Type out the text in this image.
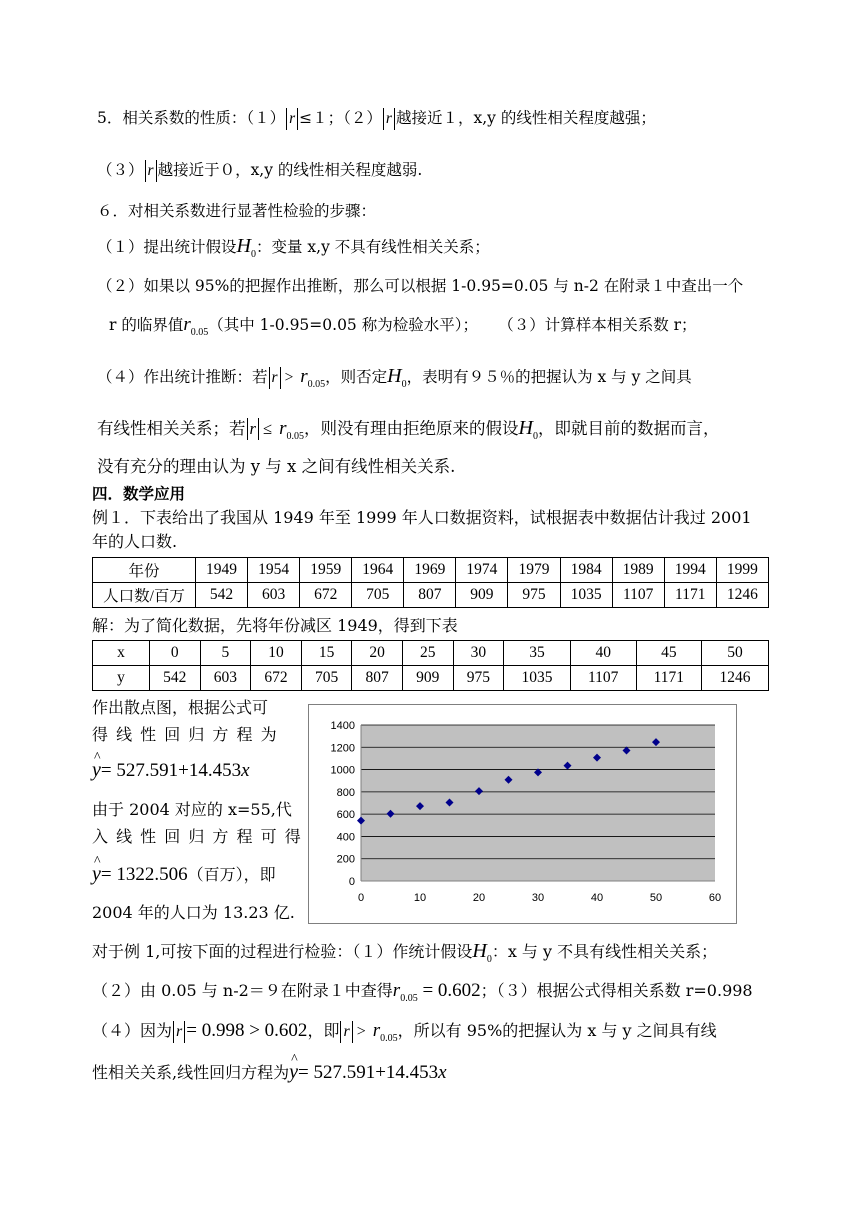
5．相关系数的性质：（１） r ≤１；（２） r 越接近１，x,y 的线性相关程度越强；
（３） r 越接近于０，x,y 的线性相关程度越弱.
６．对相关系数进行显著性检验的步骤：
（１）提出统计假设$H_0$：变量 x,y 不具有线性相关关系；
（２）如果以 95%的把握作出推断，那么可以根据 1-0.95=0.05 与 n-2 在附录１中查出一个
r 的临界值$r_{0.05}$（其中 1-0.95=0.05 称为检验水平）； （３）计算样本相关系数 r；
（４）作出统计推断：若 $r > r_{0.05}$，则否定$H_0$，表明有９５％的把握认为 x 与 y 之间具
有线性相关关系；若 $r \le r_{0.05}$，则没有理由拒绝原来的假设$H_0$，即就目前的数据而言，
没有充分的理由认为 y 与 x 之间有线性相关关系.
四．数学应用
例１．下表给出了我国从 1949 年至 1999 年人口数据资料，试根据表中数据估计我过 2001
年的人口数.
年份	1949	1954	1959	1964	1969	1974	1979	1984	1989	1994	1999
人口数/百万	542	603	672	705	807	909	975	1035	1107	1171	1246
解：为了简化数据，先将年份减区 1949，得到下表
x	0	5	10	15	20	25	30	35	40	45	50
y	542	603	672	705	807	909	975	1035	1107	1171	1246
作出散点图，根据公式可
得 线 性 回 归 方 程 为
^ y= 527.591+14.453x
由于 2004 对应的 x=55,代
入 线 性 回 归 方 程 可 得
^ y= 1322.506（百万），即
2004 年的人口为 13.23 亿.
0
200
400
600
800
1000
1200
1400
0	10	20	30	40	50	60
对于例 1,可按下面的过程进行检验：（１）作统计假设$H_0$：x 与 y 不具有线性相关关系；
（２）由 0.05 与 n-2＝９在附录１中查得$r_{0.05} = 0.602$；（３）根据公式得相关系数 r=0.998
（４）因为 r = 0.998 > 0.602，即 $r > r_{0.05}$，所以有 95%的把握认为 x 与 y 之间具有线
性相关关系,线性回归方程为^ y= 527.591+14.453x
